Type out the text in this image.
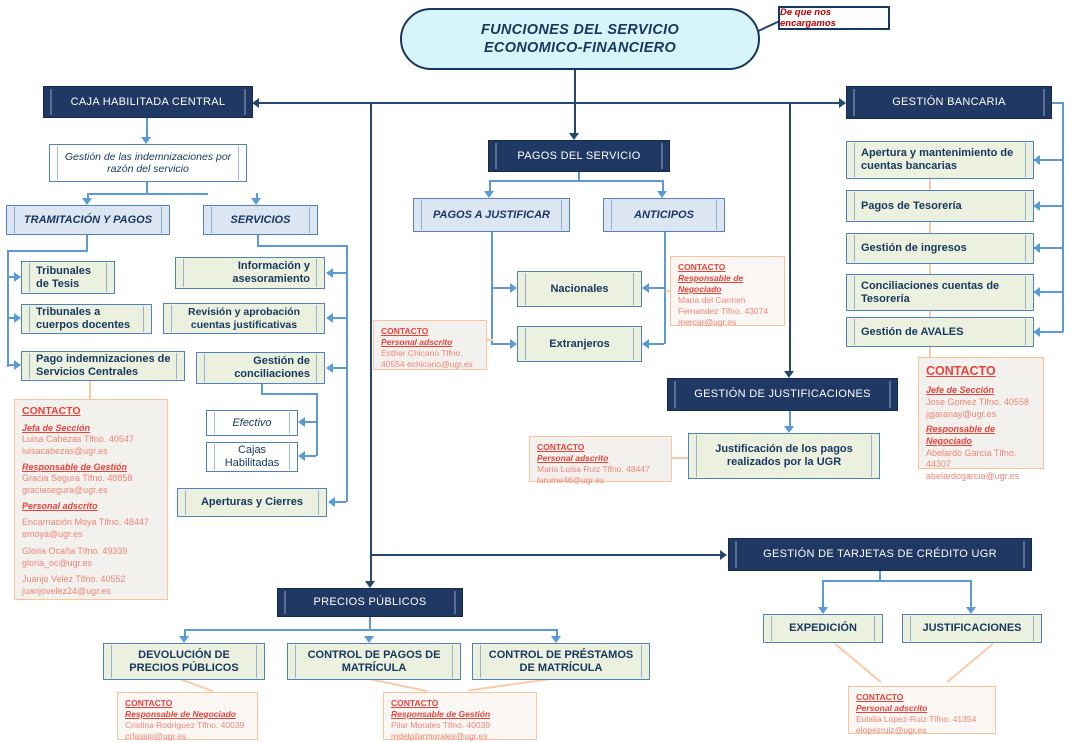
FUNCIONES DEL SERVICIO
ECONOMICO-FINANCIERO
De que nos encargamos
CAJA HABILITADA CENTRAL
Gestión de las indemnizaciones por razón del servicio
TRAMITACIÓN Y PAGOS	SERVICIOS
Tribunales de Tesis
Tribunales a cuerpos docentes
Pago indemnizaciones de Servicios Centrales
Información y asesoramiento
Revisión y aprobación cuentas justificativas
Gestión de conciliaciones
Efectivo
Cajas Habilitadas
Aperturas y Cierres
CONTACTO
Jefa de Sección
Luisa Cabezas Tlfno. 40547
luisacabezas@ugr.es
Responsable de Gestión
Gracia Segura Tlfno. 48858
graciasegura@ugr.es
Personal adscrito
Encarnación Moya Tlfno. 48447
emoya@ugr.es
Gloria Ocaña Tlfno. 49339
gloria_oc@ugr.es
Juanjo Velez Tlfno. 40552
juanjovelez24@ugr.es
PAGOS DEL SERVICIO
PAGOS A JUSTIFICAR	ANTICIPOS
Nacionales
Extranjeros
CONTACTO
Personal adscrito
Esther Chicano Tlfno.
40554 echicano@ugr.es
CONTACTO
Responsable de Negociado
Maria del Carmen
Fernandez Tlfno. 43074
mercar@ugr.es
GESTIÓN BANCARIA
Apertura y mantenimiento de cuentas bancarias
Pagos de Tesorería
Gestión de ingresos
Conciliaciones cuentas de Tesorería
Gestión de AVALES
CONTACTO
Jefe de Sección
Jose Gomez Tlfno. 40558
jgjaranay@ugr.es
Responsable de Negociado
Abelardo García Tlfno. 44307
abelardogarcia@ugr.es
GESTIÓN DE JUSTIFICACIONES
Justificación de los pagos realizados por la UGR
CONTACTO
Personal adscrito
Maria Luisa Ruiz Tlfno. 48447
lurume46@ugr.es
GESTIÓN DE TARJETAS DE CRÉDITO UGR
EXPEDICIÓN	JUSTIFICACIONES
CONTACTO
Personal adscrito
Eulalia Lopez-Ruiz Tlfno. 41354
elopezruiz@ugr.es
PRECIOS PÚBLICOS
DEVOLUCIÓN DE PRECIOS PÚBLICOS
CONTROL DE PAGOS DE MATRÍCULA
CONTROL DE PRÉSTAMOS DE MATRÍCULA
CONTACTO
Responsable de Negociado
Cristina Rodriguez Tlfno. 40039
crfassio@ugr.es
CONTACTO
Responsable de Gestión
Pilar Morales Tlfno. 40039
mdelpilarmorales@ugr.es
